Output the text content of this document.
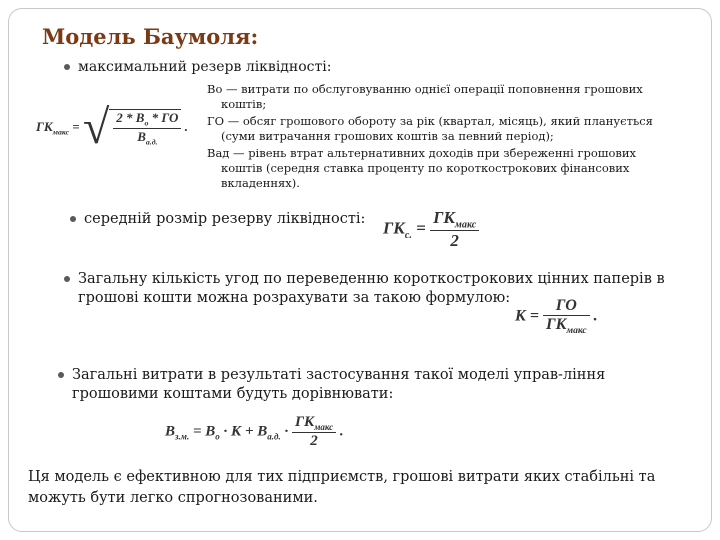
Модель Баумоля:
максимальний резерв ліквідності:
$ГК_{макс}$ = √ $\frac{2 * В_о * ГО}{В_{а.д.}}$ .

Во — витрати по обслуговуванню однієї операції поповнення грошових коштів;

ГО — обсяг грошового обороту за рік (квартал, місяць), який планується (суми витрачання грошових коштів за певний період);

Вад — рівень втрат альтернативних доходів при збереженні грошових коштів (середня ставка проценту по короткострокових фінансових вкладеннях).

середній розмір резерву ліквідності: $ГК_{с.} = \frac{ГК_{макс}}{2}$
Загальну кількість угод по переведенню короткострокових цінних паперів в грошові кошти можна розрахувати за такою формулою:
$К = \frac{ГО}{ГК_{макс}}$ .
Загальні витрати в результаті застосування такої моделі управ-ління грошовими коштами будуть дорівнювати:
$В_{з.м.} = В_о \cdot К + В_{а.д.} \cdot \frac{ГК_{макс}}{2}$ .

Ця модель є ефективною для тих підприємств, грошові витрати яких стабільні та можуть бути легко спрогнозованими.
